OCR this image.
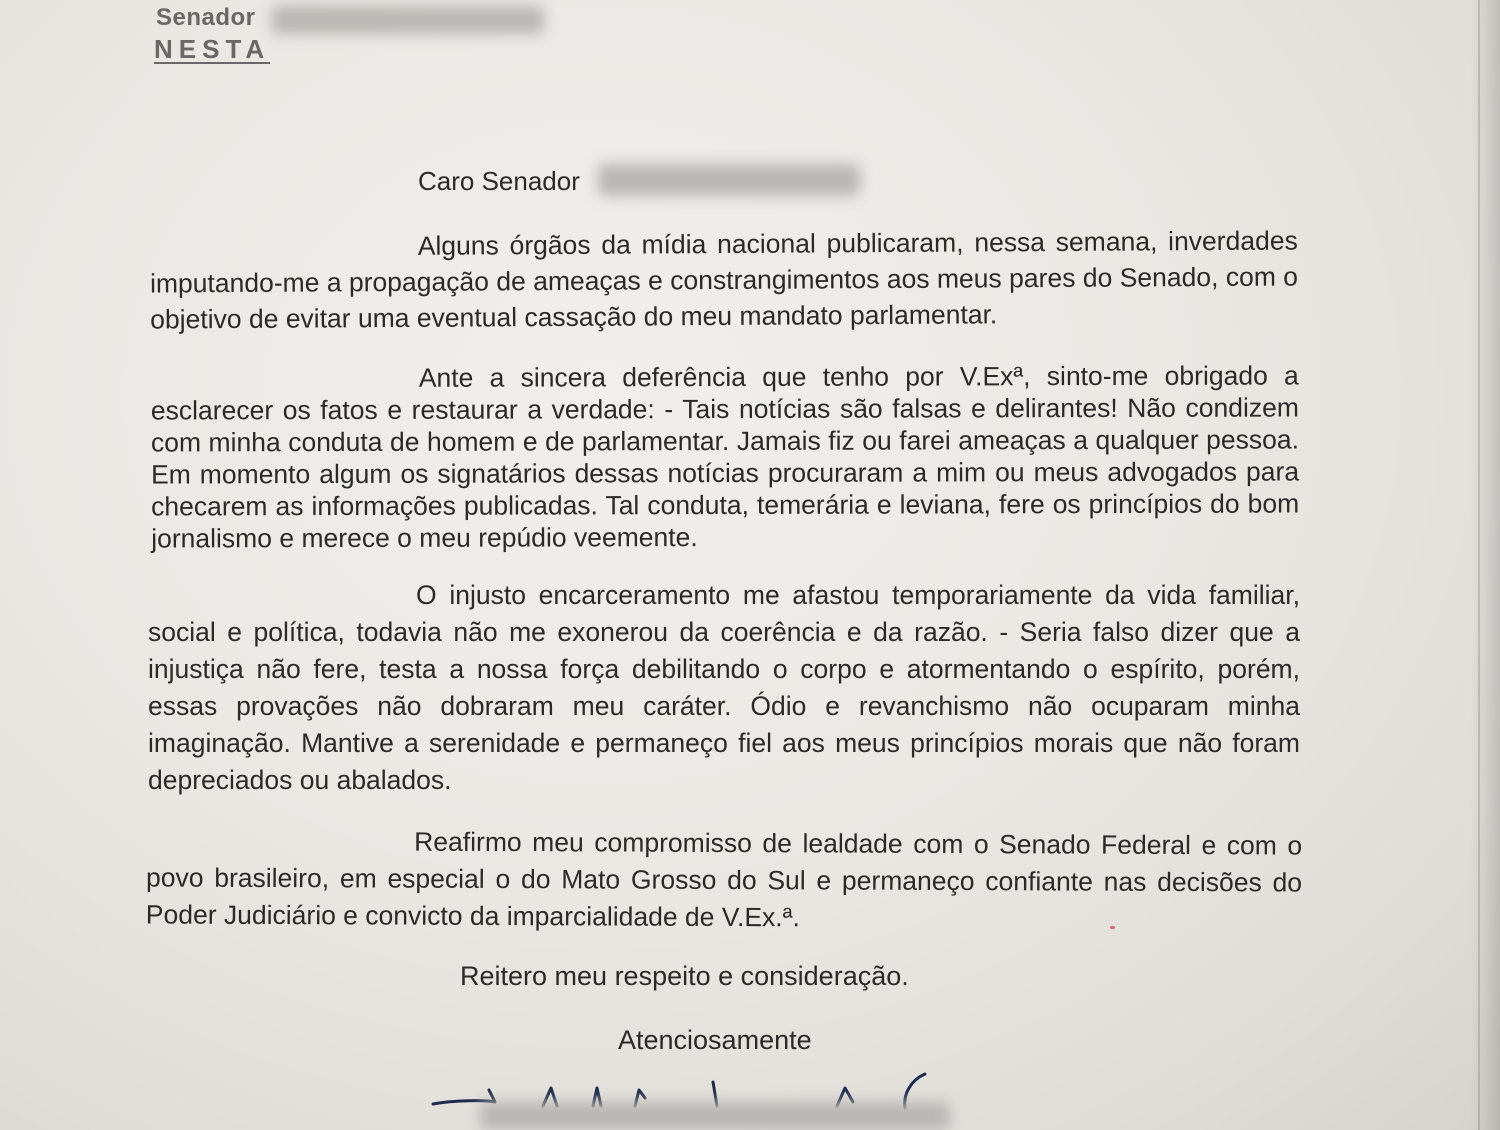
Senador
NESTA
Caro Senador

Alguns órgãos da mídia nacional publicaram, nessa semana, inverdades imputando-me a propagação de ameaças e constrangimentos aos meus pares do Senado, com o objetivo de evitar uma eventual cassação do meu mandato parlamentar.

Ante a sincera deferência que tenho por V.Exª, sinto-me obrigado a esclarecer os fatos e restaurar a verdade: - Tais notícias são falsas e delirantes! Não condizem com minha conduta de homem e de parlamentar. Jamais fiz ou farei ameaças a qualquer pessoa. Em momento algum os signatários dessas notícias procuraram a mim ou meus advogados para checarem as informações publicadas. Tal conduta, temerária e leviana, fere os princípios do bom jornalismo e merece o meu repúdio veemente.

O injusto encarceramento me afastou temporariamente da vida familiar, social e política, todavia não me exonerou da coerência e da razão. - Seria falso dizer que a injustiça não fere, testa a nossa força debilitando o corpo e atormentando o espírito, porém, essas provações não dobraram meu caráter. Ódio e revanchismo não ocuparam minha imaginação. Mantive a serenidade e permaneço fiel aos meus princípios morais que não foram depreciados ou abalados.

Reafirmo meu compromisso de lealdade com o Senado Federal e com o povo brasileiro, em especial o do Mato Grosso do Sul e permaneço confiante nas decisões do Poder Judiciário e convicto da imparcialidade de V.Ex.ª.

Reitero meu respeito e consideração.
Atenciosamente
